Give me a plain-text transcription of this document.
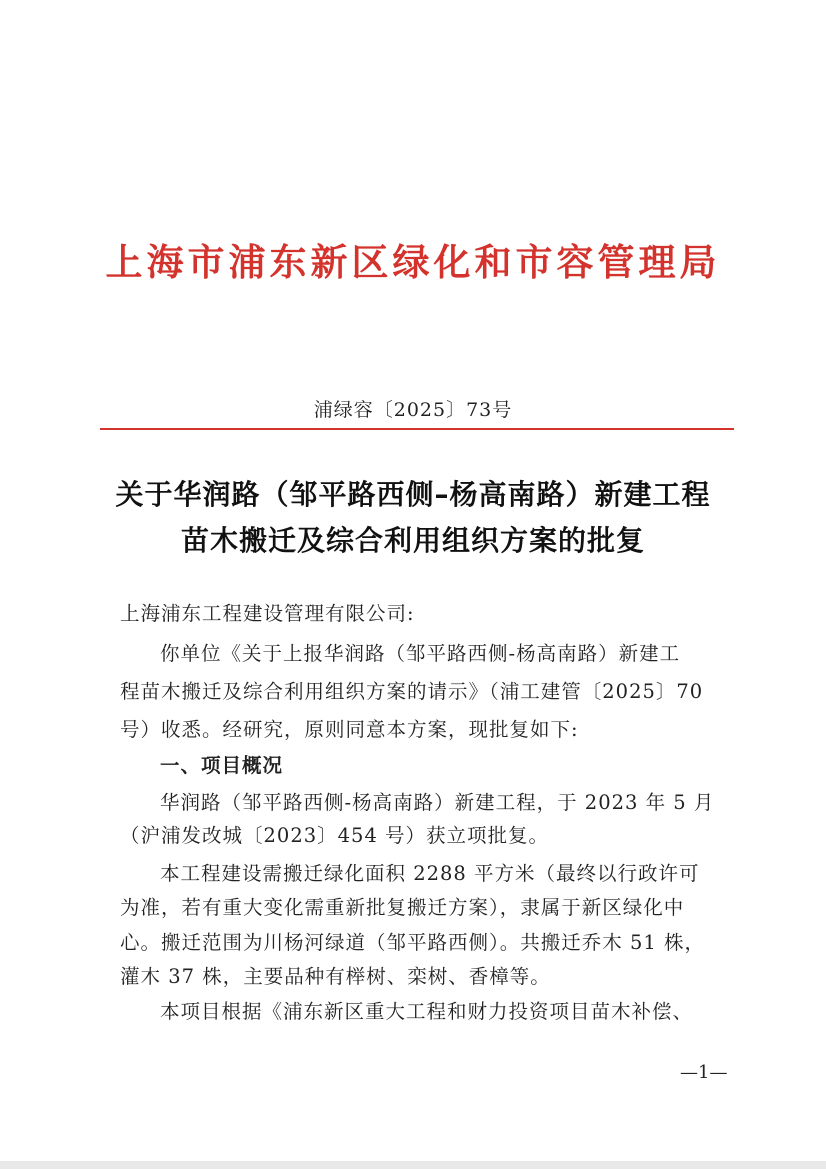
上海市浦东新区绿化和市容管理局
浦绿容〔2025〕73号
关于华润路（邹平路西侧–杨高南路）新建工程
苗木搬迁及综合利用组织方案的批复
上海浦东工程建设管理有限公司:
你单位《关于上报华润路（邹平路西侧-杨高南路）新建工
程苗木搬迁及综合利用组织方案的请示》（浦工建管〔2025〕70
号）收悉。经研究，原则同意本方案，现批复如下:
一、项目概况
华润路（邹平路西侧-杨高南路）新建工程，于 2023 年 5 月
（沪浦发改城〔2023〕454 号）获立项批复。
本工程建设需搬迁绿化面积 2288 平方米（最终以行政许可
为准，若有重大变化需重新批复搬迁方案），隶属于新区绿化中
心。搬迁范围为川杨河绿道（邹平路西侧）。共搬迁乔木 51 株，
灌木 37 株，主要品种有榉树、栾树、香樟等。
本项目根据《浦东新区重大工程和财力投资项目苗木补偿、
—1—
